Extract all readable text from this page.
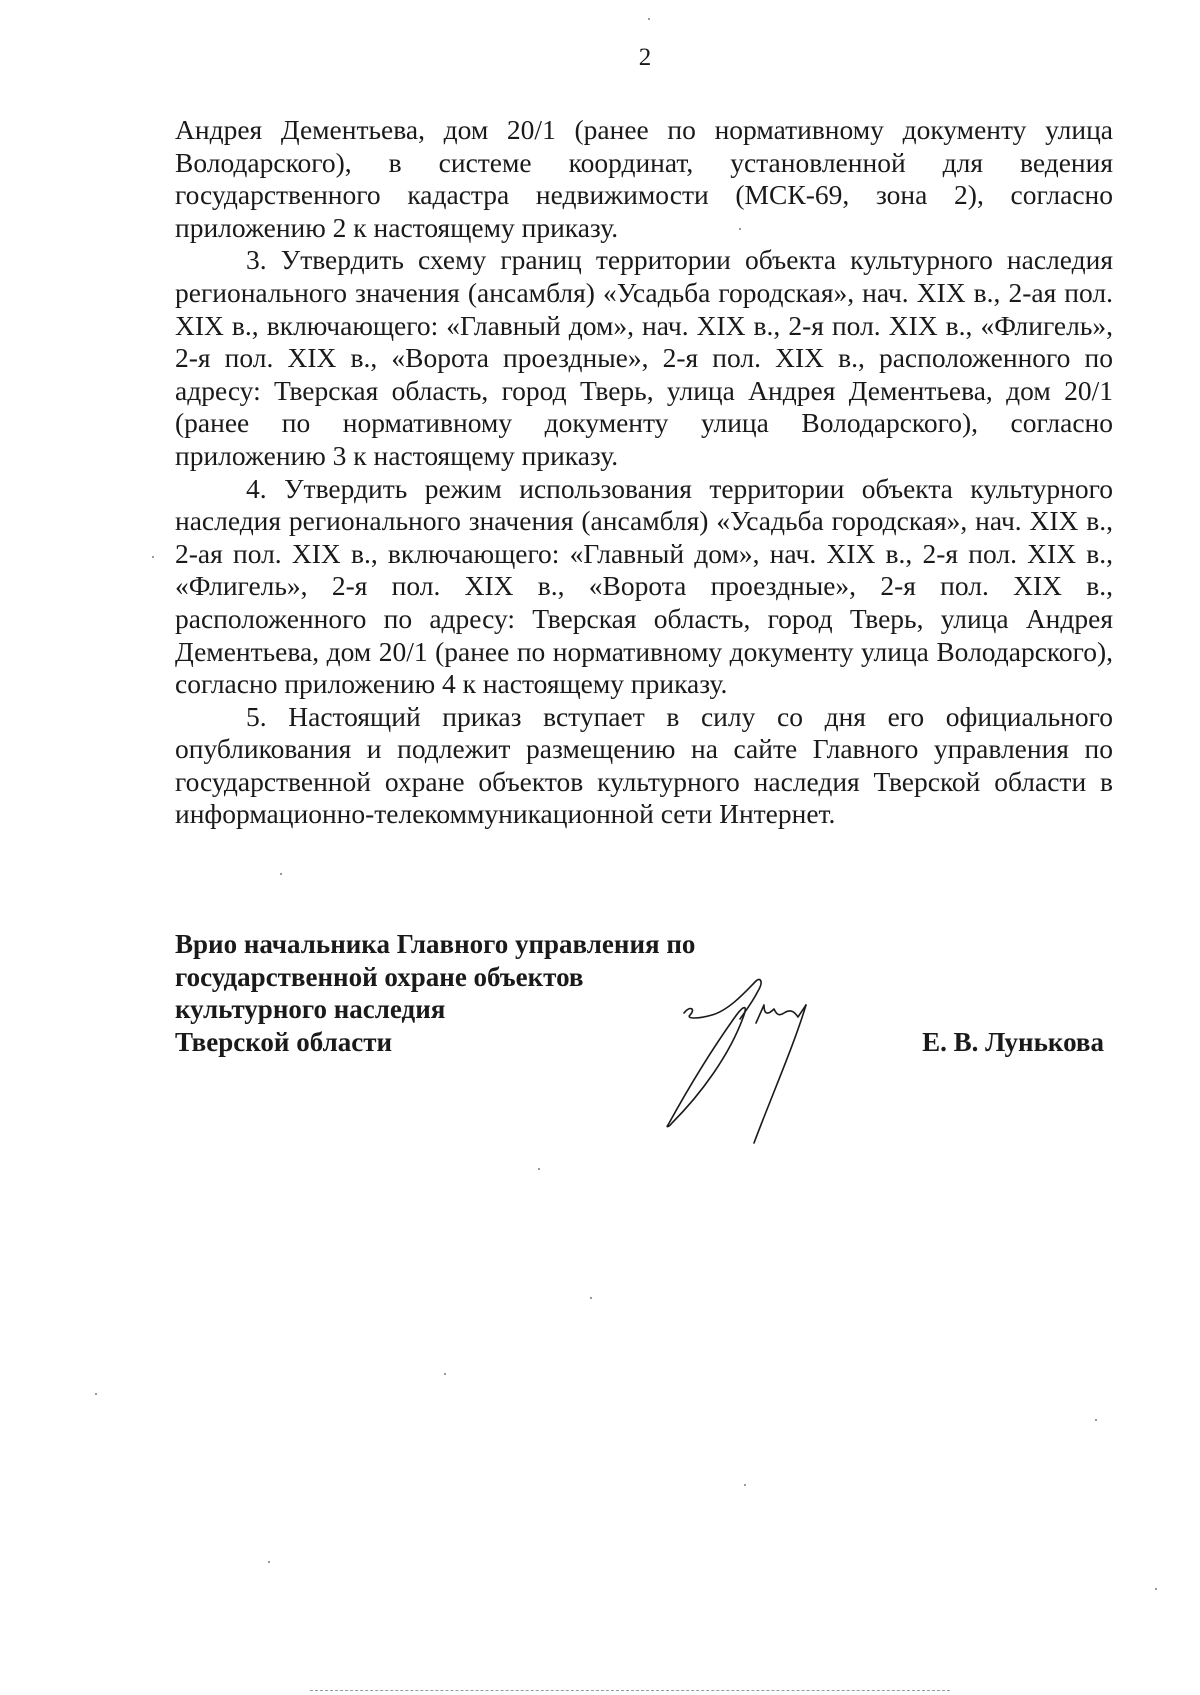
2

Андрея Дементьева, дом 20/1 (ранее по нормативному документу улица Володарского), в системе координат, установленной для ведения государственного кадастра недвижимости (МСК-69, зона 2), согласно приложению 2 к настоящему приказу.

3. Утвердить схему границ территории объекта культурного наследия регионального значения (ансамбля) «Усадьба городская», нач. XIX в., 2-ая пол. XIX в., включающего: «Главный дом», нач. XIX в., 2-я пол. XIX в., «Флигель», 2-я пол. XIX в., «Ворота проездные», 2-я пол. XIX в., расположенного по адресу: Тверская область, город Тверь, улица Андрея Дементьева, дом 20/1 (ранее по нормативному документу улица Володарского), согласно приложению 3 к настоящему приказу.

4. Утвердить режим использования территории объекта культурного наследия регионального значения (ансамбля) «Усадьба городская», нач. XIX в., 2-ая пол. XIX в., включающего: «Главный дом», нач. XIX в., 2-я пол. XIX в., «Флигель», 2-я пол. XIX в., «Ворота проездные», 2-я пол. XIX в., расположенного по адресу: Тверская область, город Тверь, улица Андрея Дементьева, дом 20/1 (ранее по нормативному документу улица Володарского), согласно приложению 4 к настоящему приказу.

5. Настоящий приказ вступает в силу со дня его официального опубликования и подлежит размещению на сайте Главного управления по государственной охране объектов культурного наследия Тверской области в информационно-телекоммуникационной сети Интернет.

Врио начальника Главного управления по
государственной охране объектов
культурного наследия
Тверской области	Е. В. Лунькова
